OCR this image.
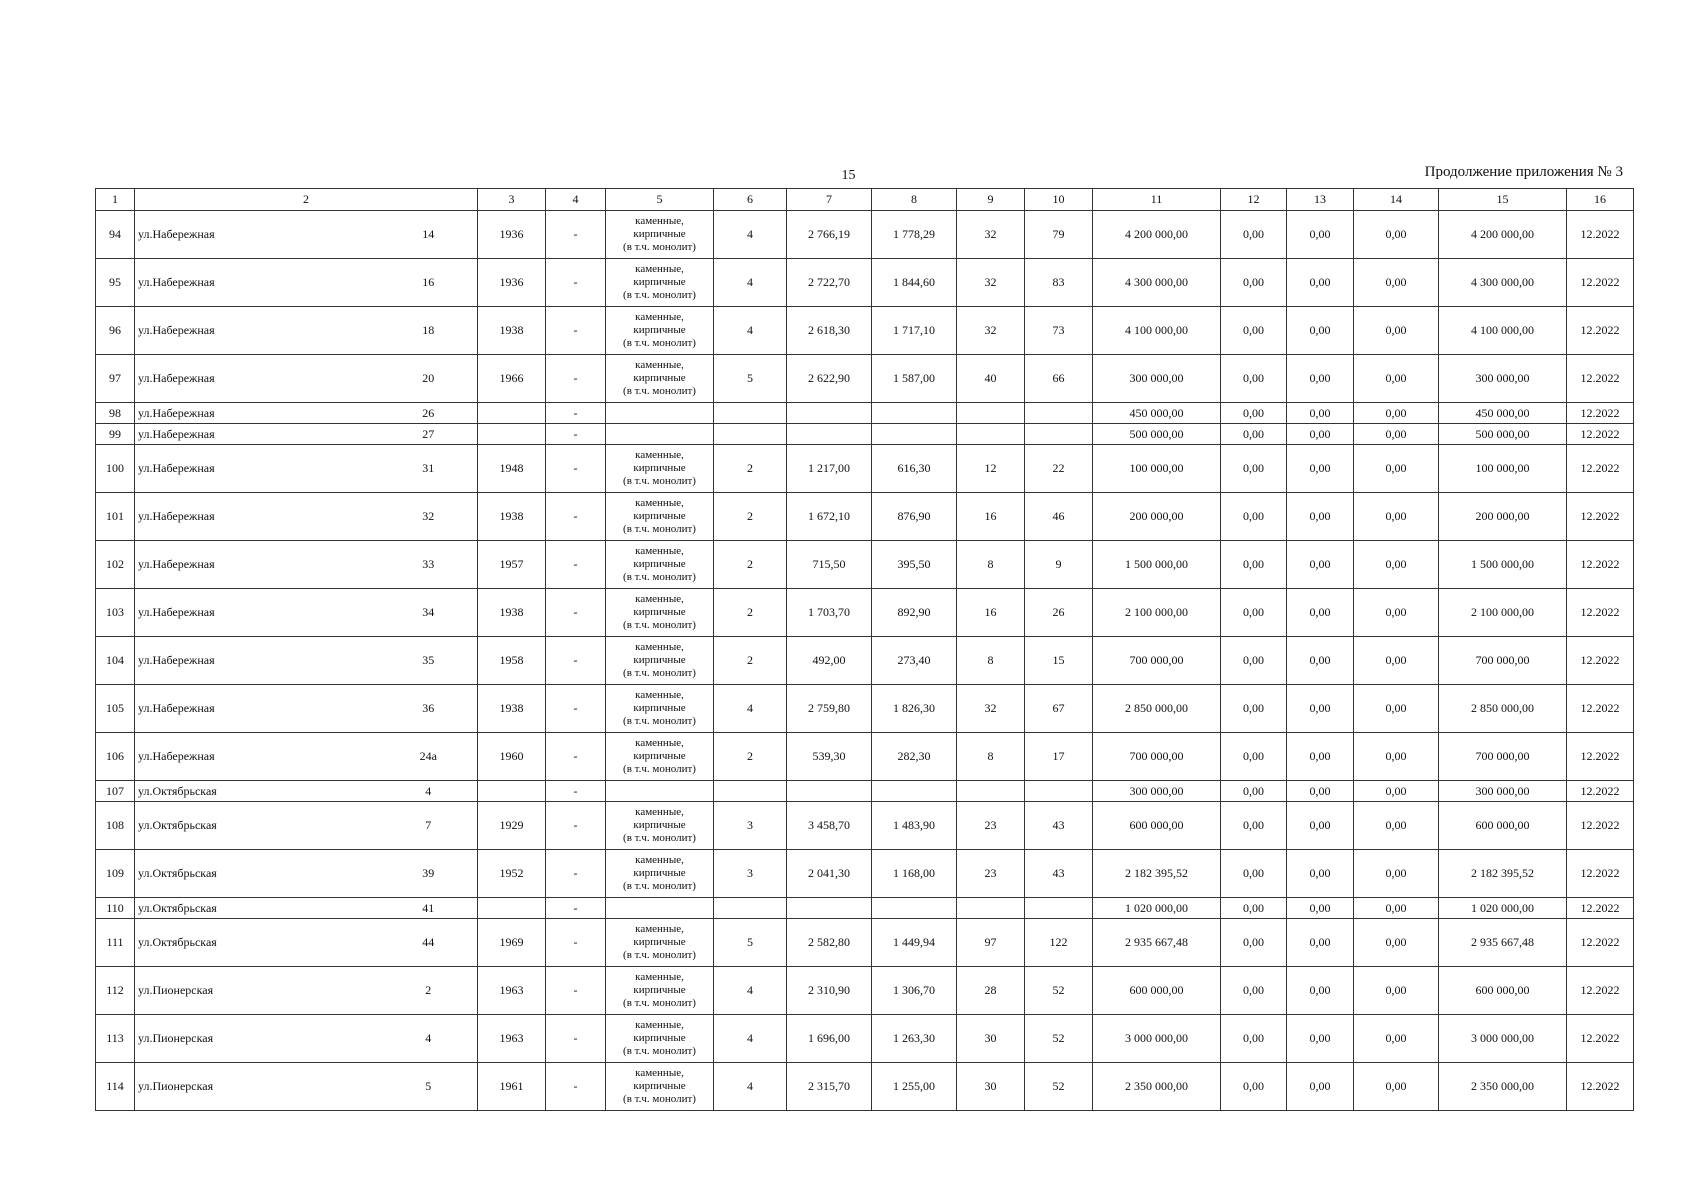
15	Продолжение приложения № 3
1	2		3	4	5	6	7	8	9	10	11	12	13	14	15	16
94	ул.Набережная	14	1936	-	каменные,
кирпичные
(в т.ч. монолит)	4	2 766,19	1 778,29	32	79	4 200 000,00	0,00	0,00	0,00	4 200 000,00	12.2022
95	ул.Набережная	16	1936	-	каменные,
кирпичные
(в т.ч. монолит)	4	2 722,70	1 844,60	32	83	4 300 000,00	0,00	0,00	0,00	4 300 000,00	12.2022
96	ул.Набережная	18	1938	-	каменные,
кирпичные
(в т.ч. монолит)	4	2 618,30	1 717,10	32	73	4 100 000,00	0,00	0,00	0,00	4 100 000,00	12.2022
97	ул.Набережная	20	1966	-	каменные,
кирпичные
(в т.ч. монолит)	5	2 622,90	1 587,00	40	66	300 000,00	0,00	0,00	0,00	300 000,00	12.2022
98	ул.Набережная	26		-							450 000,00	0,00	0,00	0,00	450 000,00	12.2022
99	ул.Набережная	27		-							500 000,00	0,00	0,00	0,00	500 000,00	12.2022
100	ул.Набережная	31	1948	-	каменные,
кирпичные
(в т.ч. монолит)	2	1 217,00	616,30	12	22	100 000,00	0,00	0,00	0,00	100 000,00	12.2022
101	ул.Набережная	32	1938	-	каменные,
кирпичные
(в т.ч. монолит)	2	1 672,10	876,90	16	46	200 000,00	0,00	0,00	0,00	200 000,00	12.2022
102	ул.Набережная	33	1957	-	каменные,
кирпичные
(в т.ч. монолит)	2	715,50	395,50	8	9	1 500 000,00	0,00	0,00	0,00	1 500 000,00	12.2022
103	ул.Набережная	34	1938	-	каменные,
кирпичные
(в т.ч. монолит)	2	1 703,70	892,90	16	26	2 100 000,00	0,00	0,00	0,00	2 100 000,00	12.2022
104	ул.Набережная	35	1958	-	каменные,
кирпичные
(в т.ч. монолит)	2	492,00	273,40	8	15	700 000,00	0,00	0,00	0,00	700 000,00	12.2022
105	ул.Набережная	36	1938	-	каменные,
кирпичные
(в т.ч. монолит)	4	2 759,80	1 826,30	32	67	2 850 000,00	0,00	0,00	0,00	2 850 000,00	12.2022
106	ул.Набережная	24а	1960	-	каменные,
кирпичные
(в т.ч. монолит)	2	539,30	282,30	8	17	700 000,00	0,00	0,00	0,00	700 000,00	12.2022
107	ул.Октябрьская	4		-							300 000,00	0,00	0,00	0,00	300 000,00	12.2022
108	ул.Октябрьская	7	1929	-	каменные,
кирпичные
(в т.ч. монолит)	3	3 458,70	1 483,90	23	43	600 000,00	0,00	0,00	0,00	600 000,00	12.2022
109	ул.Октябрьская	39	1952	-	каменные,
кирпичные
(в т.ч. монолит)	3	2 041,30	1 168,00	23	43	2 182 395,52	0,00	0,00	0,00	2 182 395,52	12.2022
110	ул.Октябрьская	41		-							1 020 000,00	0,00	0,00	0,00	1 020 000,00	12.2022
111	ул.Октябрьская	44	1969	-	каменные,
кирпичные
(в т.ч. монолит)	5	2 582,80	1 449,94	97	122	2 935 667,48	0,00	0,00	0,00	2 935 667,48	12.2022
112	ул.Пионерская	2	1963	-	каменные,
кирпичные
(в т.ч. монолит)	4	2 310,90	1 306,70	28	52	600 000,00	0,00	0,00	0,00	600 000,00	12.2022
113	ул.Пионерская	4	1963	-	каменные,
кирпичные
(в т.ч. монолит)	4	1 696,00	1 263,30	30	52	3 000 000,00	0,00	0,00	0,00	3 000 000,00	12.2022
114	ул.Пионерская	5	1961	-	каменные,
кирпичные
(в т.ч. монолит)	4	2 315,70	1 255,00	30	52	2 350 000,00	0,00	0,00	0,00	2 350 000,00	12.2022
